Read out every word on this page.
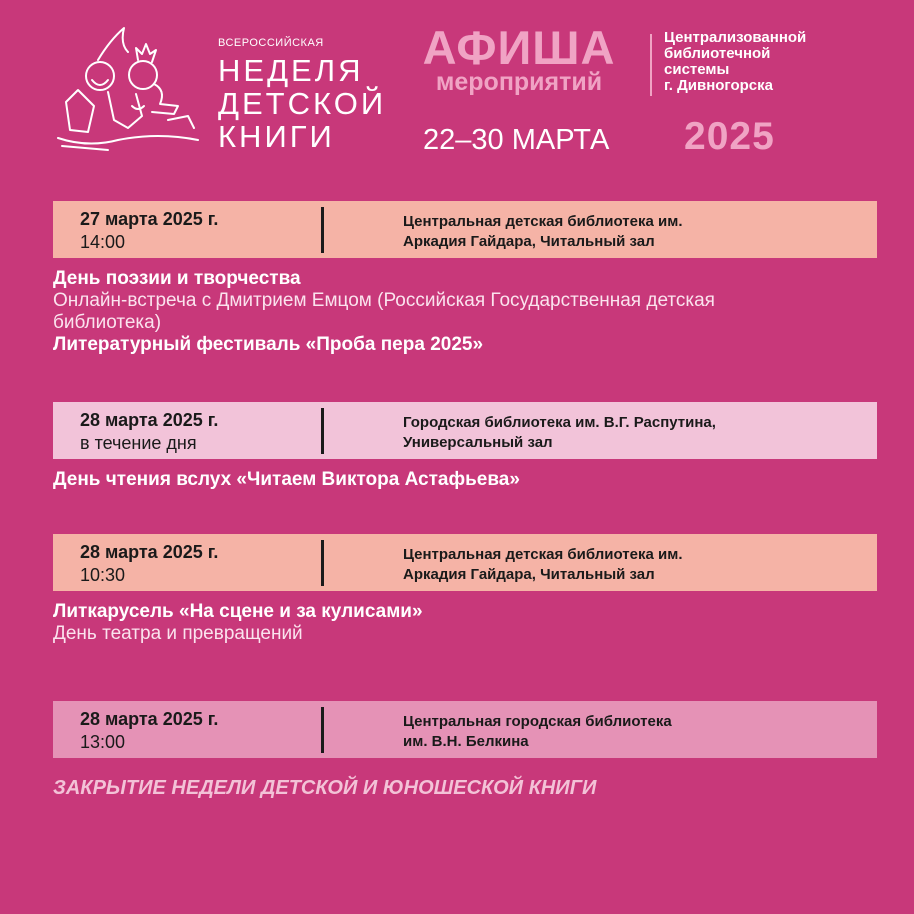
ВСЕРОССИЙСКАЯ
НЕДЕЛЯ
ДЕТСКОЙ
КНИГИ
АФИША
мероприятий
Централизованной
библиотечной
системы
г. Дивногорска
22–30 МАРТА 2025
27 марта 2025 г.
14:00
Центральная детская библиотека им.
Аркадия Гайдара, Читальный зал
День поэзии и творчества
Онлайн-встреча с Дмитрием Емцом (Российская Государственная детская
библиотека)
Литературный фестиваль «Проба пера 2025»
28 марта 2025 г.
в течение дня
Городская библиотека им. В.Г. Распутина,
Универсальный зал
День чтения вслух «Читаем Виктора Астафьева»
28 марта 2025 г.
10:30
Центральная детская библиотека им.
Аркадия Гайдара, Читальный зал
Литкарусель «На сцене и за кулисами»
День театра и превращений
28 марта 2025 г.
13:00
Центральная городская библиотека
им. В.Н. Белкина
ЗАКРЫТИЕ НЕДЕЛИ ДЕТСКОЙ И ЮНОШЕСКОЙ КНИГИ
